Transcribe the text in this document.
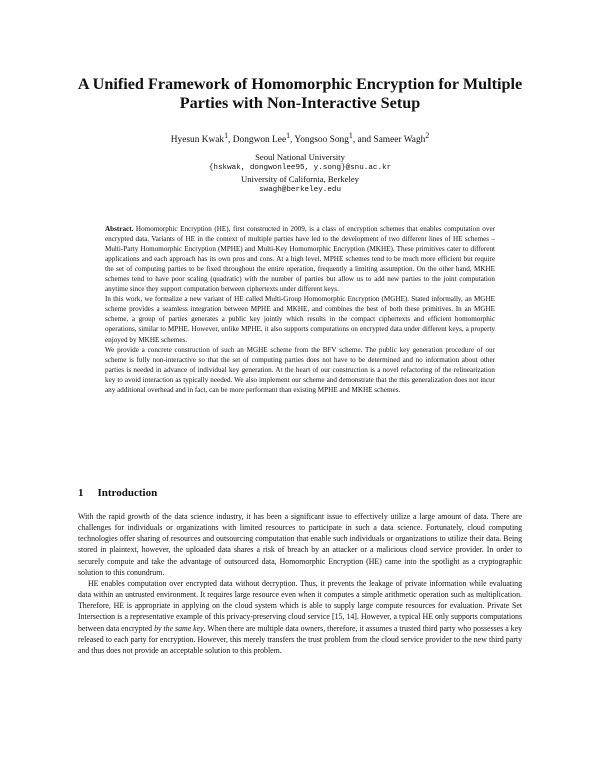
A Unified Framework of Homomorphic Encryption for Multiple
Parties with Non-Interactive Setup
Hyesun Kwak$^1$, Dongwon Lee$^1$, Yongsoo Song$^1$, and Sameer Wagh$^2$
Seoul National University
{hskwak, dongwonlee95, y.song}@snu.ac.kr
University of California, Berkeley
swagh@berkeley.edu

Abstract. Homomorphic Encryption (HE), first constructed in 2009, is a class of encryption schemes that enables computation over encrypted data. Variants of HE in the context of multiple parties have led to the development of two different lines of HE schemes – Multi-Party Homomorphic Encryption (MPHE) and Multi-Key Homomorphic Encryption (MKHE). These primitives cater to different applications and each approach has its own pros and cons. At a high level, MPHE schemes tend to be much more efficient but require the set of computing parties to be fixed throughout the entire operation, frequently a limiting assumption. On the other hand, MKHE schemes tend to have poor scaling (quadratic) with the number of parties but allow us to add new parties to the joint computation anytime since they support computation between ciphertexts under different keys.

In this work, we formalize a new variant of HE called Multi-Group Homomorphic Encryption (MGHE). Stated informally, an MGHE scheme provides a seamless integration between MPHE and MKHE, and combines the best of both these primitives. In an MGHE scheme, a group of parties generates a public key jointly which results in the compact ciphertexts and efficient homomorphic operations, similar to MPHE. However, unlike MPHE, it also supports computations on encrypted data under different keys, a property enjoyed by MKHE schemes.

We provide a concrete construction of such an MGHE scheme from the BFV scheme. The public key generation procedure of our scheme is fully non-interactive so that the set of computing parties does not have to be determined and no information about other parties is needed in advance of individual key generation. At the heart of our construction is a novel refactoring of the relinearization key to avoid interaction as typically needed. We also implement our scheme and demonstrate that the this generalization does not incur any additional overhead and in fact, can be more performant than existing MPHE and MKHE schemes.

1 Introduction

With the rapid growth of the data science industry, it has been a significant issue to effectively utilize a large amount of data. There are challenges for individuals or organizations with limited resources to participate in such a data science. Fortunately, cloud computing technologies offer sharing of resources and outsourcing computation that enable such individuals or organizations to utilize their data. Being stored in plaintext, however, the uploaded data shares a risk of breach by an attacker or a malicious cloud service provider. In order to securely compute and take the advantage of outsourced data, Homomorphic Encryption (HE) came into the spotlight as a cryptographic solution to this conundrum.

HE enables computation over encrypted data without decryption. Thus, it prevents the leakage of private information while evaluating data within an untrusted environment. It requires large resource even when it computes a simple arithmetic operation such as multiplication. Therefore, HE is appropriate in applying on the cloud system which is able to supply large compute resources for evaluation. Private Set Intersection is a representative example of this privacy-preserving cloud service [15, 14]. However, a typical HE only supports computations between data encrypted by the same key. When there are multiple data owners, therefore, it assumes a trusted third party who possesses a key released to each party for encryption. However, this merely transfers the trust problem from the cloud service provider to the new third party and thus does not provide an acceptable solution to this problem.
